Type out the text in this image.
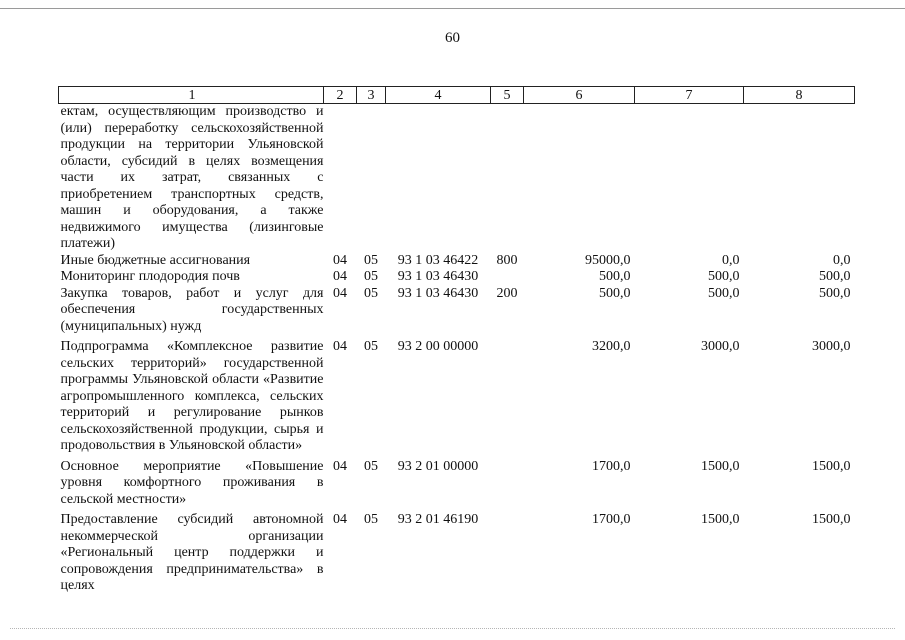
60
1	2	3	4	5	6	7	8
ектам, осуществляющим производство и (или) переработку сельскохозяйственной продукции на территории Ульяновской области, субсидий в целях возмещения части их затрат, связанных с приобретением транспортных средств, машин и оборудования, а также недвижимого имущества (лизинговые платежи)							
Иные бюджетные ассигнования	04	05	93 1 03 46422	800	95000,0	0,0	0,0
Мониторинг плодородия почв	04	05	93 1 03 46430		500,0	500,0	500,0
Закупка товаров, работ и услуг для обеспечения государственных (муниципальных) нужд	04	05	93 1 03 46430	200	500,0	500,0	500,0

Подпрограмма «Комплексное развитие сельских территорий» государственной программы Ульяновской области «Развитие агропромышленного комплекса, сельских территорий и регулирование рынков сельскохозяйственной продукции, сырья и продовольствия в Ульяновской области»	04	05	93 2 00 00000		3200,0	3000,0	3000,0

Основное мероприятие «Повышение уровня комфортного проживания в сельской местности»	04	05	93 2 01 00000		1700,0	1500,0	1500,0

Предоставление субсидий автономной некоммерческой организации «Региональный центр поддержки и сопровождения предпринимательства» в целях	04	05	93 2 01 46190		1700,0	1500,0	1500,0
